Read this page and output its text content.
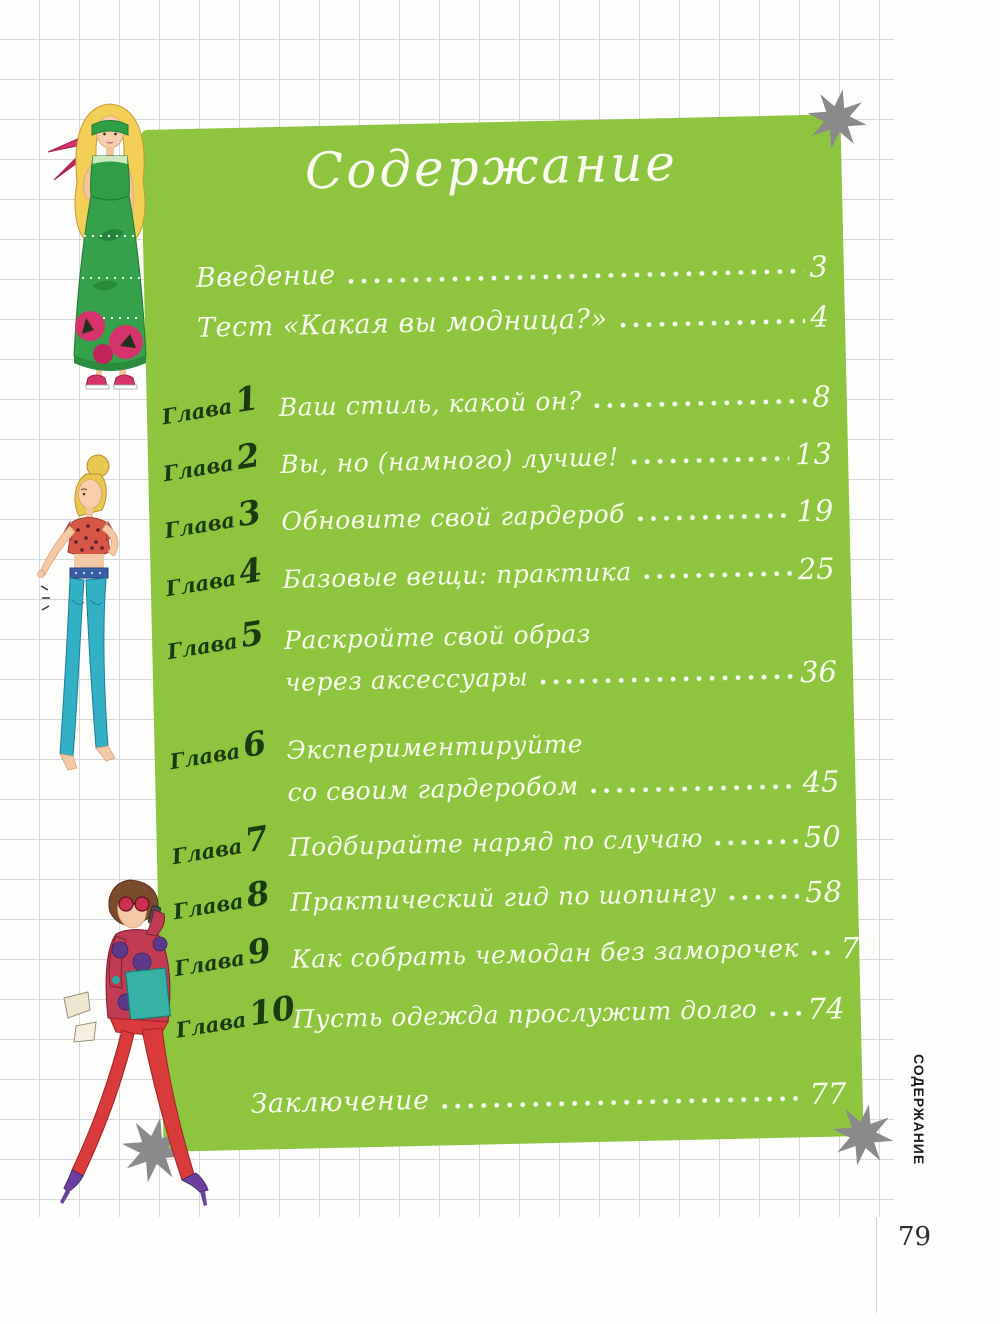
Содержание
Введение	3
Тест «Какая вы модница?»	4
Глава1 Ваш стиль, какой он?	8
Глава2 Вы, но (намного) лучше!	13
Глава3 Обновите свой гардероб	19
Глава4 Базовые вещи: практика	25
Глава5 Раскройте свой образ
через аксессуары	36
Глава6 Экспериментируйте
со своим гардеробом	45
Глава7 Подбирайте наряд по случаю	50
Глава8 Практический гид по шопингу	58
Глава9 Как собрать чемодан без заморочек 70
Глава10
Пусть одежда прослужит долго 74
Заключение	77	СОДЕРЖАНИЕ
79
